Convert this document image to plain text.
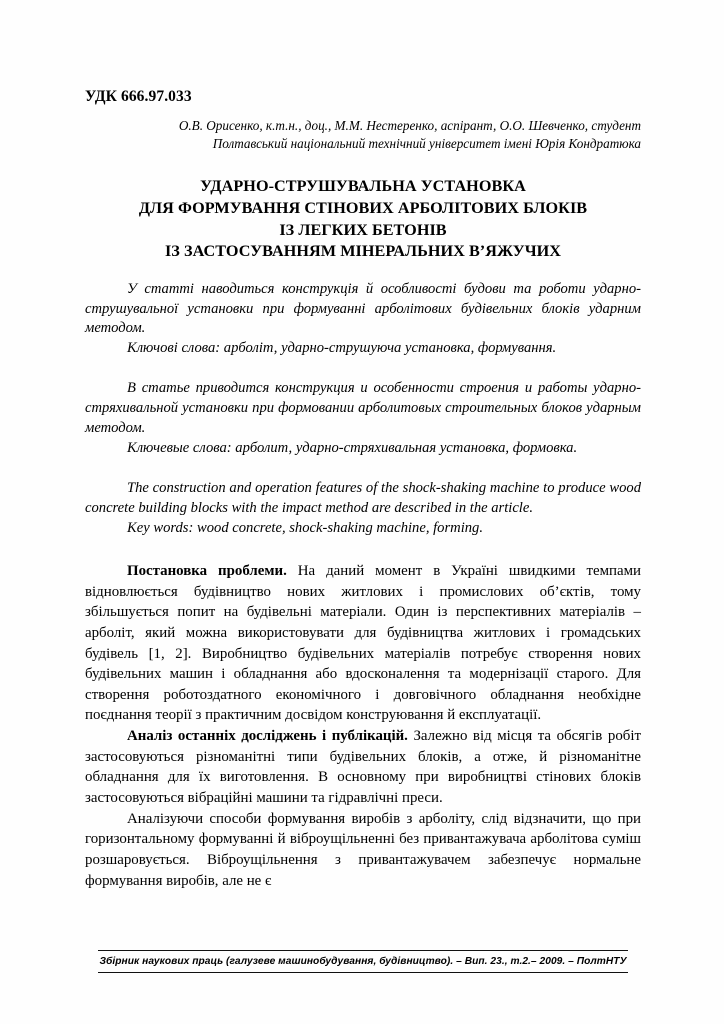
УДК 666.97.033
О.В. Орисенко, к.т.н., доц., М.М. Нестеренко, аспірант, О.О. Шевченко, студент
Полтавський національний технічний університет імені Юрія Кондратюка
УДАРНО-СТРУШУВАЛЬНА УСТАНОВКА
ДЛЯ ФОРМУВАННЯ СТІНОВИХ АРБОЛІТОВИХ БЛОКІВ
ІЗ ЛЕГКИХ БЕТОНІВ
ІЗ ЗАСТОСУВАННЯМ МІНЕРАЛЬНИХ В’ЯЖУЧИХ

У статті наводиться конструкція й особливості будови та роботи ударно-струшувальної установки при формуванні арболітових будівельних блоків ударним методом.

Ключові слова: арболіт, ударно-струшуюча установка, формування.

В статье приводится конструкция и особенности строения и работы ударно-стряхивальной установки при формовании арболитовых строительных блоков ударным методом.

Ключевые слова: арболит, ударно-стряхивальная установка, формовка.

The construction and operation features of the shock-shaking machine to produce wood concrete building blocks with the impact method are described in the article.

Key words: wood concrete, shock-shaking machine, forming.

Постановка проблеми. На даний момент в Україні швидкими темпами відновлюється будівництво нових житлових і промислових об’єктів, тому збільшується попит на будівельні матеріали. Один із перспективних матеріалів – арболіт, який можна використовувати для будівництва житлових і громадських будівель [1, 2]. Виробництво будівельних матеріалів потребує створення нових будівельних машин і обладнання або вдосконалення та модернізації старого. Для створення роботоздатного економічного і довговічного обладнання необхідне поєднання теорії з практичним досвідом конструювання й експлуатації.

Аналіз останніх досліджень і публікацій. Залежно від місця та обсягів робіт застосовуються різноманітні типи будівельних блоків, а отже, й різноманітне обладнання для їх виготовлення. В основному при виробництві стінових блоків застосовуються вібраційні машини та гідравлічні преси.

Аналізуючи способи формування виробів з арболіту, слід відзначити, що при горизонтальному формуванні й віброущільненні без привантажувача арболітова суміш розшаровується. Віброущільнення з привантажувачем забезпечує нормальне формування виробів, але не є

Збірник наукових праць (галузеве машинобудування, будівництво). – Вип. 23., т.2.– 2009. – ПолтНТУ
